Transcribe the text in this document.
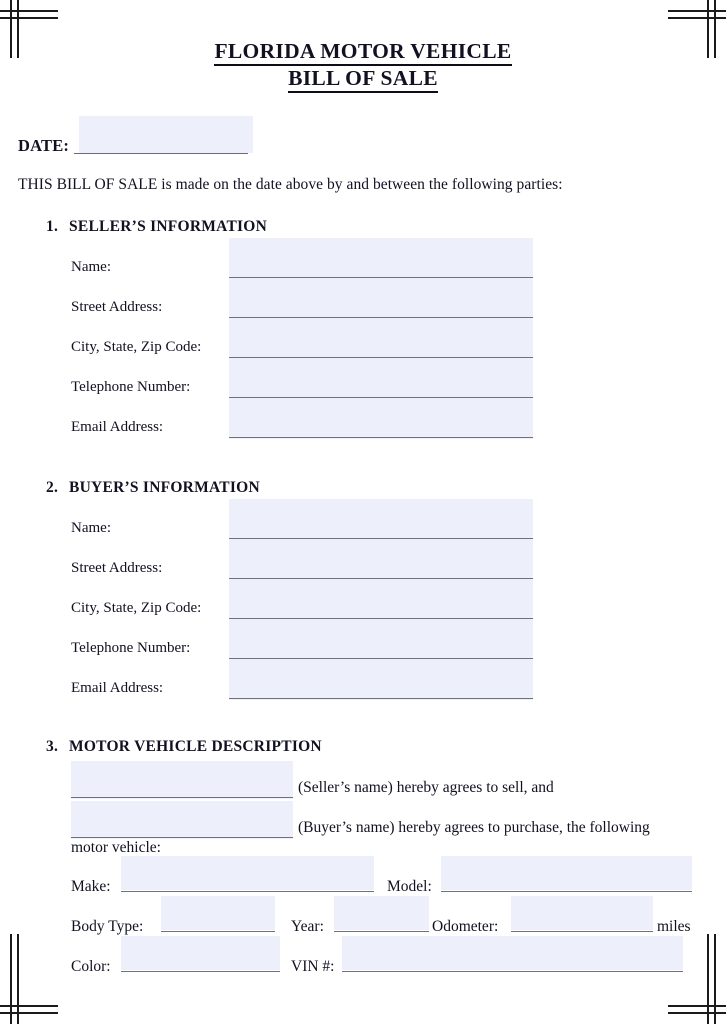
FLORIDA MOTOR VEHICLE
BILL OF SALE
DATE:
THIS BILL OF SALE is made on the date above by and between the following parties:
1. SELLER’S INFORMATION
Name:
Street Address:
City, State, Zip Code:
Telephone Number:
Email Address:
2. BUYER’S INFORMATION
Name:
Street Address:
City, State, Zip Code:
Telephone Number:
Email Address:
3. MOTOR VEHICLE DESCRIPTION
(Seller’s name) hereby agrees to sell, and
(Buyer’s name) hereby agrees to purchase, the following
motor vehicle:
Make:	Model:
Body Type:	Year:	Odometer:	miles
Color:	VIN #:
